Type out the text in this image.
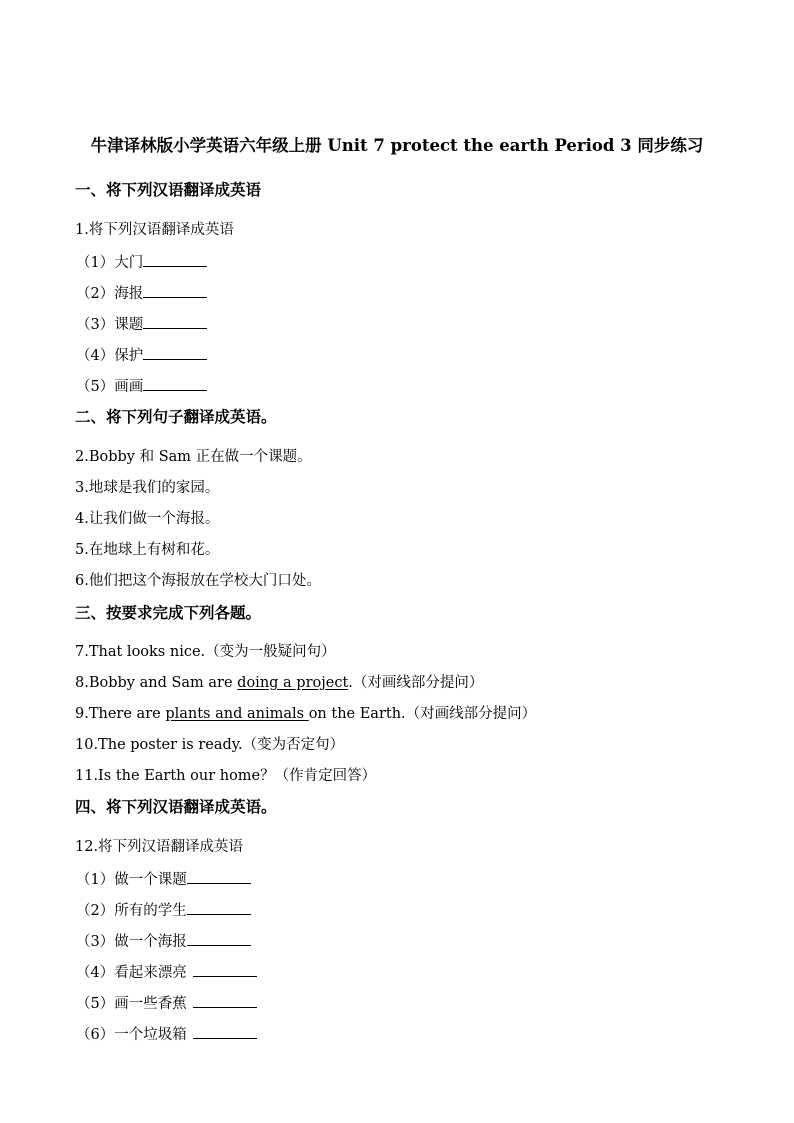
牛津译林版小学英语六年级上册 Unit 7 protect the earth Period 3 同步练习
一、将下列汉语翻译成英语
1.将下列汉语翻译成英语
（1）大门
（2）海报
（3）课题
（4）保护
（5）画画
二、将下列句子翻译成英语。
2.Bobby 和 Sam 正在做一个课题。
3.地球是我们的家园。
4.让我们做一个海报。
5.在地球上有树和花。
6.他们把这个海报放在学校大门口处。
三、按要求完成下列各题。
7.That looks nice.（变为一般疑问句）
8.Bobby and Sam are doing a project.（对画线部分提问）
9.There are plants and animals on the Earth.（对画线部分提问）
10.The poster is ready.（变为否定句）
11.Is the Earth our home？（作肯定回答）
四、将下列汉语翻译成英语。
12.将下列汉语翻译成英语
（1）做一个课题
（2）所有的学生
（3）做一个海报
（4）看起来漂亮
（5）画一些香蕉
（6）一个垃圾箱
